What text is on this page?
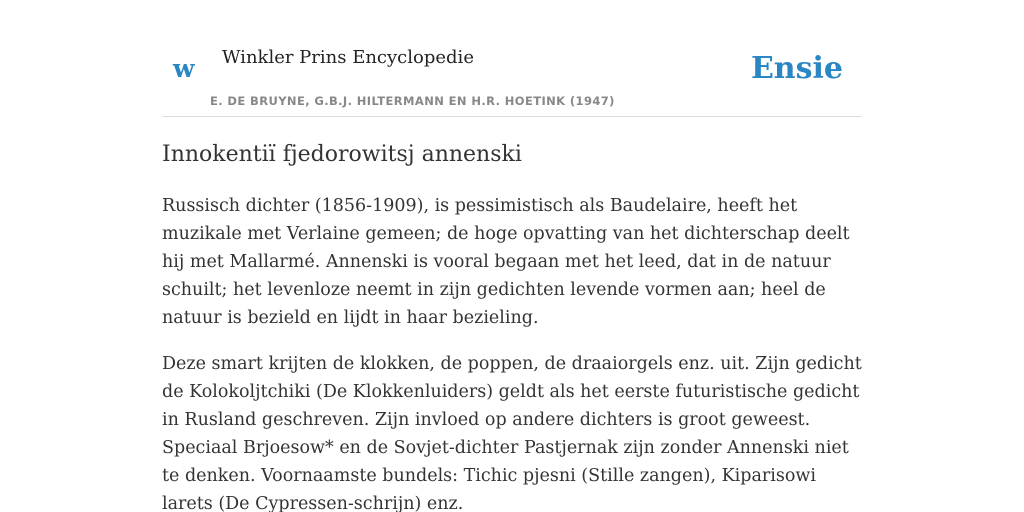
w Winkler Prins Encyclopedie
E. DE BRUYNE, G.B.J. HILTERMANN EN H.R. HOETINK (1947)
Ensie
Innokentiï fjedorowitsj annenski

Russisch dichter (1856-1909), is pessimistisch als Baudelaire, heeft het muzikale met Verlaine gemeen; de hoge opvatting van het dichterschap deelt hij met Mallarmé. Annenski is vooral begaan met het leed, dat in de natuur schuilt; het levenloze neemt in zijn gedichten levende vormen aan; heel de natuur is bezield en lijdt in haar bezieling.

Deze smart krijten de klokken, de poppen, de draaiorgels enz. uit. Zijn gedicht de Kolokoljtchiki (De Klokkenluiders) geldt als het eerste futuristische gedicht in Rusland geschreven. Zijn invloed op andere dichters is groot geweest. Speciaal Brjoesow* en de Sovjet-dichter Pastjernak zijn zonder Annenski niet te denken. Voornaamste bundels: Tichic pjesni (Stille zangen), Kiparisowi larets (De Cypressen-schrijn) enz.
